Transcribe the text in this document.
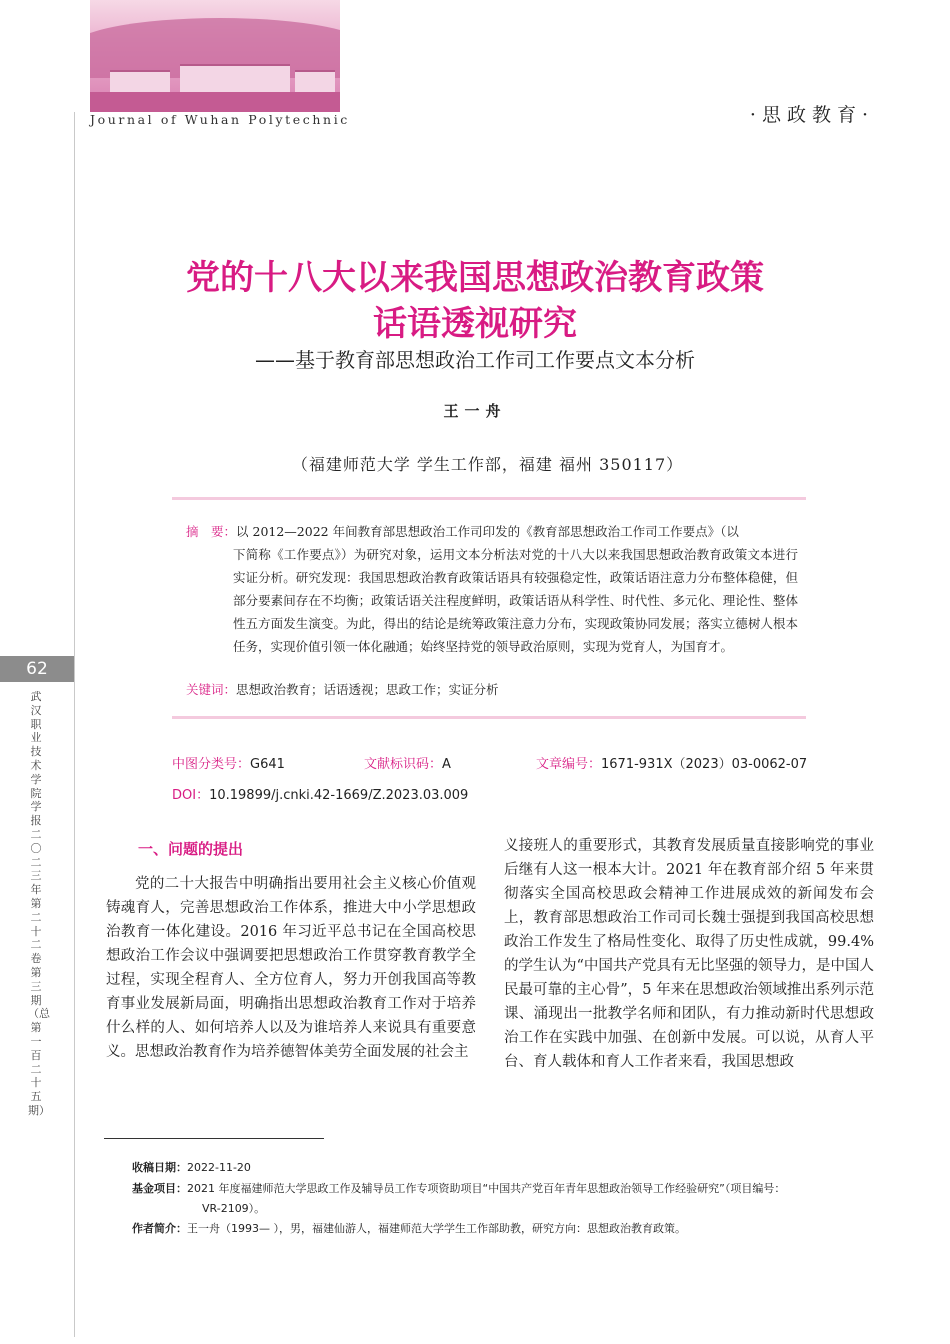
Journal of Wuhan Polytechnic	·思政教育·
62
武汉职业技术学院学报二〇二三年第二十二卷第三期（总第一百二十五期）
党的十八大以来我国思想政治教育政策
话语透视研究
——基于教育部思想政治工作司工作要点文本分析
王一舟
（福建师范大学 学生工作部，福建 福州 350117）
摘　要：以 2012—2022 年间教育部思想政治工作司印发的《教育部思想政治工作司工作要点》（以
下简称《工作要点》）为研究对象，运用文本分析法对党的十八大以来我国思想政治教育政策文本进行实证分析。研究发现：我国思想政治教育政策话语具有较强稳定性，政策话语注意力分布整体稳健，但部分要素间存在不均衡；政策话语关注程度鲜明，政策话语从科学性、时代性、多元化、理论性、整体性五方面发生演变。为此，得出的结论是统筹政策注意力分布，实现政策协同发展；落实立德树人根本任务，实现价值引领一体化融通；始终坚持党的领导政治原则，实现为党育人，为国育才。
关键词：思想政治教育；话语透视；思政工作；实证分析
中图分类号：G641	文献标识码：A	文章编号：1671-931X（2023）03-0062-07
DOI：10.19899/j.cnki.42-1669/Z.2023.03.009
一、问题的提出

党的二十大报告中明确指出要用社会主义核心价值观铸魂育人，完善思想政治工作体系，推进大中小学思想政治教育一体化建设。2016 年习近平总书记在全国高校思想政治工作会议中强调要把思想政治工作贯穿教育教学全过程，实现全程育人、全方位育人，努力开创我国高等教育事业发展新局面，明确指出思想政治教育工作对于培养什么样的人、如何培养人以及为谁培养人来说具有重要意义。思想政治教育作为培养德智体美劳全面发展的社会主

义接班人的重要形式，其教育发展质量直接影响党的事业后继有人这一根本大计。2021 年在教育部介绍 5 年来贯彻落实全国高校思政会精神工作进展成效的新闻发布会上，教育部思想政治工作司司长魏士强提到我国高校思想政治工作发生了格局性变化、取得了历史性成就，99.4% 的学生认为“中国共产党具有无比坚强的领导力，是中国人民最可靠的主心骨”，5 年来在思想政治领域推出系列示范课、涌现出一批教学名师和团队，有力推动新时代思想政治工作在实践中加强、在创新中发展。可以说，从育人平台、育人载体和育人工作者来看，我国思想政

收稿日期：2022-11-20
基金项目：2021 年度福建师范大学思政工作及辅导员工作专项资助项目“中国共产党百年青年思想政治领导工作经验研究”（项目编号：
VR-2109）。
作者简介：王一舟（1993— ），男，福建仙游人，福建师范大学学生工作部助教，研究方向：思想政治教育政策。
